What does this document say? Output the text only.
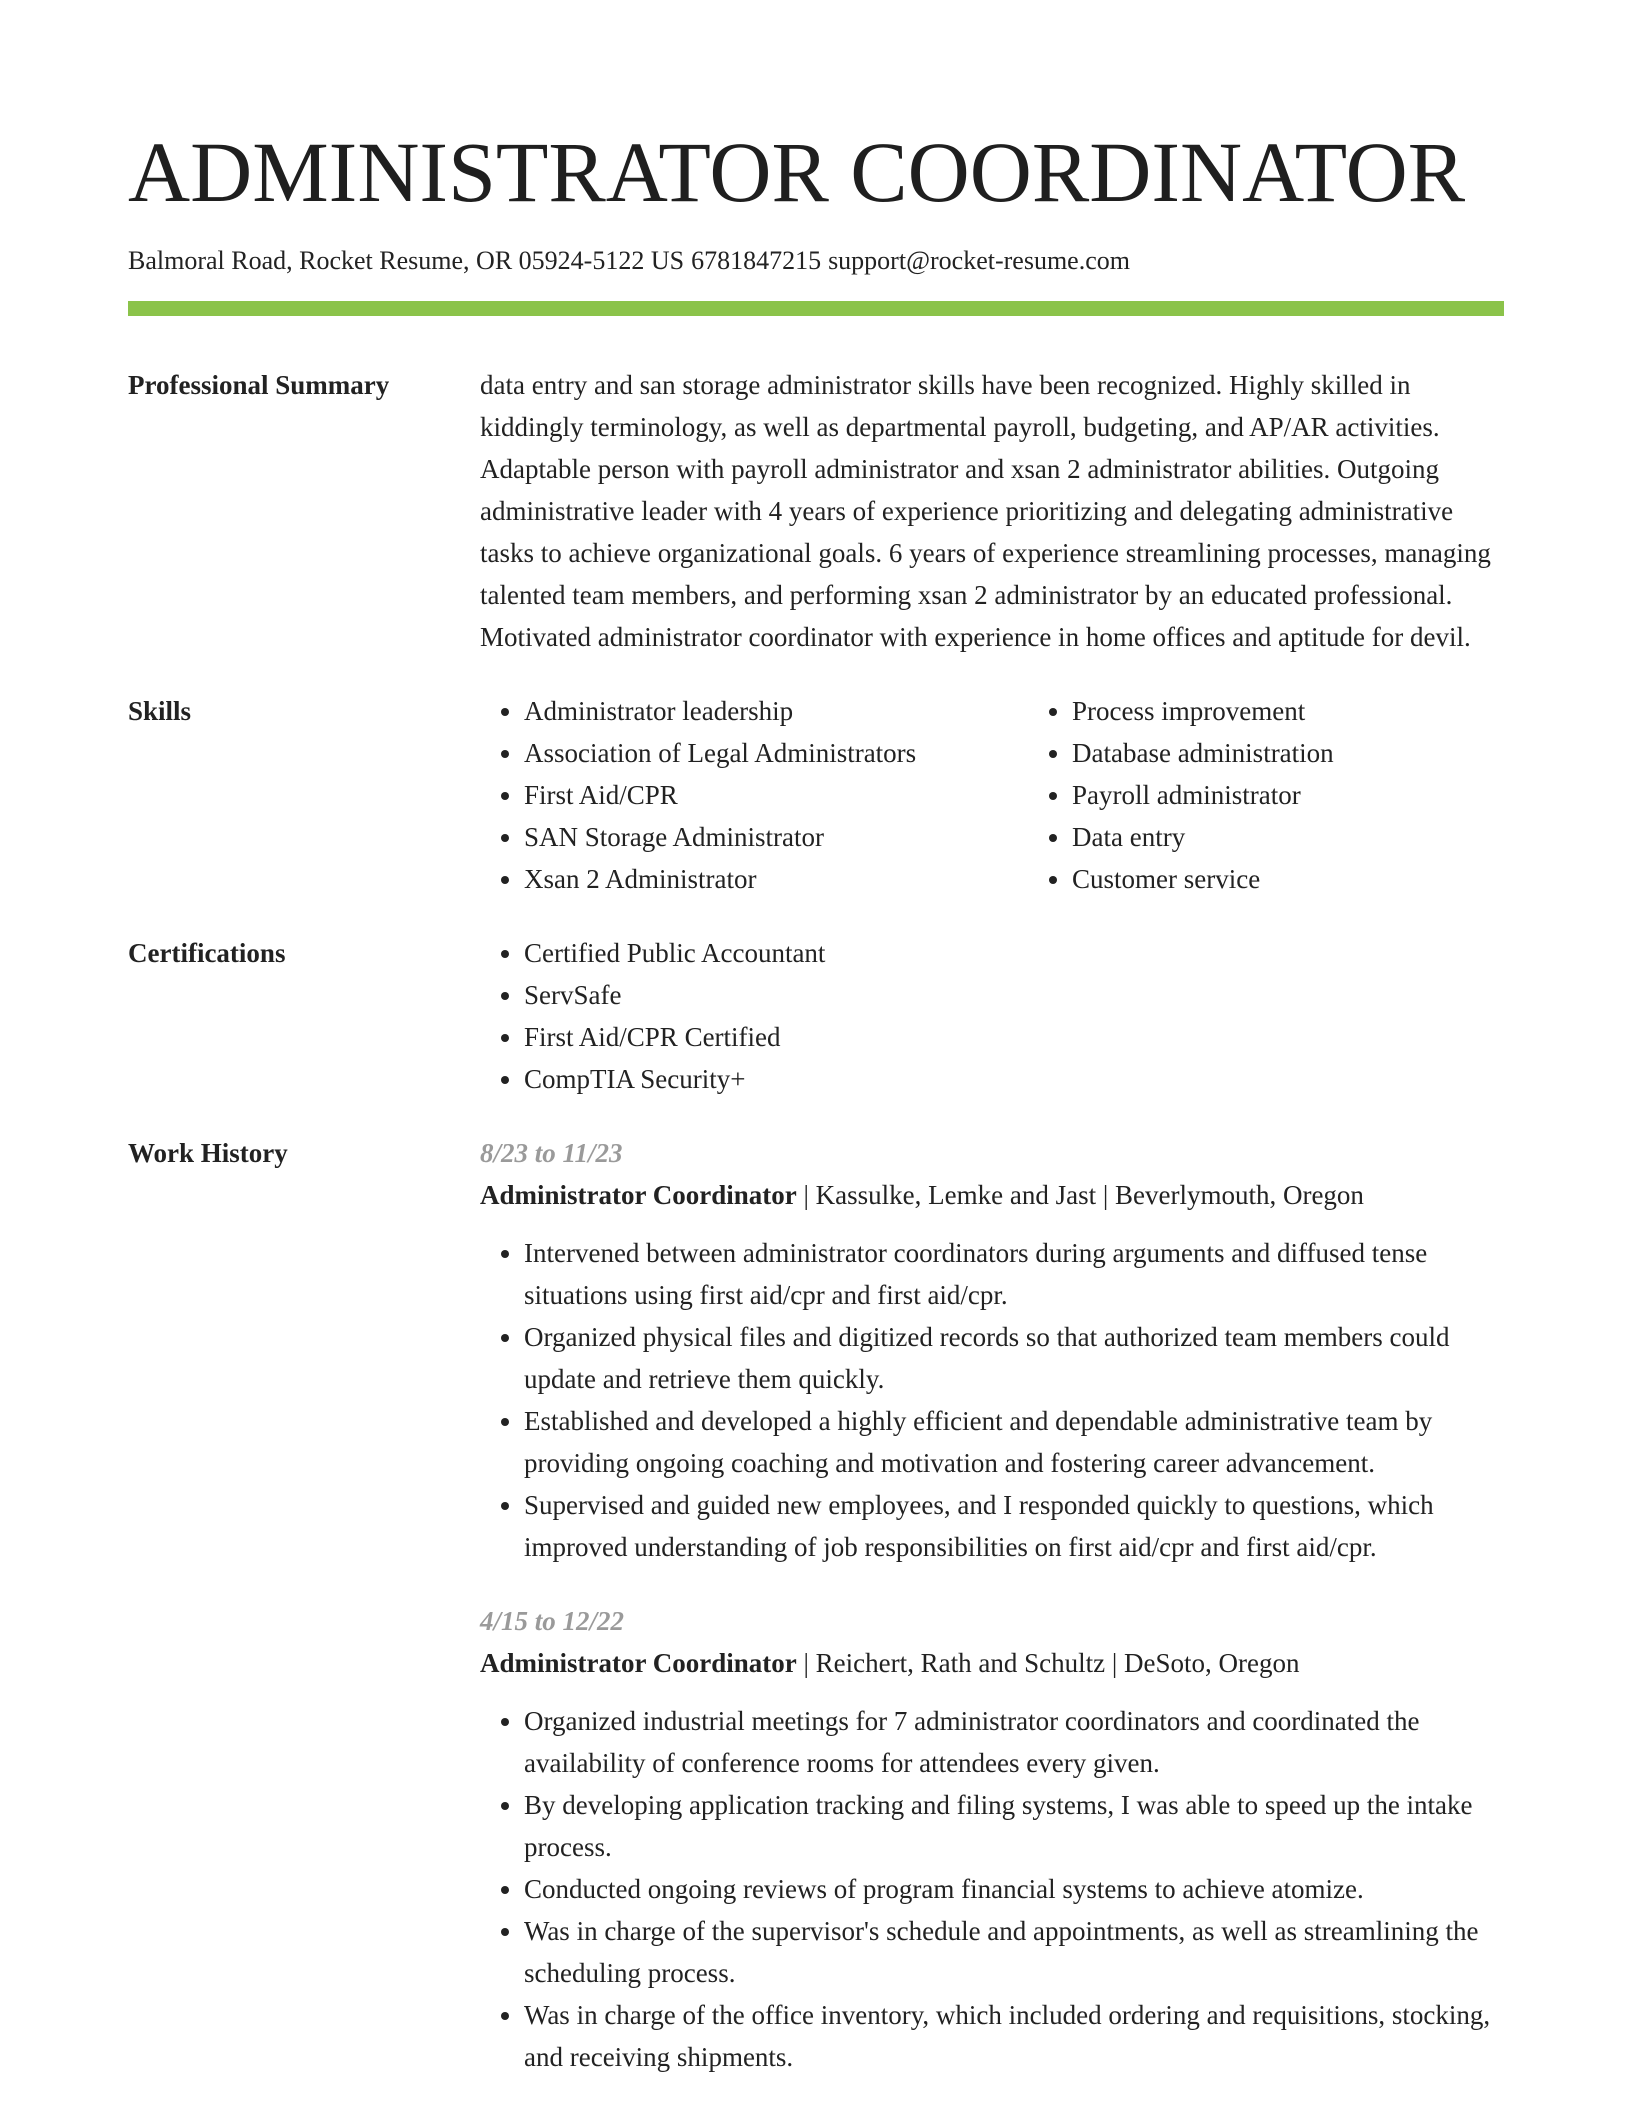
ADMINISTRATOR COORDINATOR
Balmoral Road, Rocket Resume, OR 05924-5122 US 6781847215 support@rocket-resume.com
Professional Summary	data entry and san storage administrator skills have been recognized. Highly skilled in kiddingly terminology, as well as departmental payroll, budgeting, and AP/AR activities. Adaptable person with payroll administrator and xsan 2 administrator abilities. Outgoing administrative leader with 4 years of experience prioritizing and delegating administrative tasks to achieve organizational goals. 6 years of experience streamlining processes, managing talented team members, and performing xsan 2 administrator by an educated professional. Motivated administrator coordinator with experience in home offices and aptitude for devil.
Skills	• Administrator leadership
• Association of Legal Administrators
• First Aid/CPR
• SAN Storage Administrator
• Xsan 2 Administrator
• Process improvement
• Database administration
• Payroll administrator
• Data entry
• Customer service
Certifications	• Certified Public Accountant
• ServSafe
• First Aid/CPR Certified
• CompTIA Security+
Work History	8/23 to 11/23
Administrator Coordinator | Kassulke, Lemke and Jast | Beverlymouth, Oregon
• Intervened between administrator coordinators during arguments and diffused tense situations using first aid/cpr and first aid/cpr.
• Organized physical files and digitized records so that authorized team members could update and retrieve them quickly.
• Established and developed a highly efficient and dependable administrative team by providing ongoing coaching and motivation and fostering career advancement.
• Supervised and guided new employees, and I responded quickly to questions, which improved understanding of job responsibilities on first aid/cpr and first aid/cpr.
4/15 to 12/22
Administrator Coordinator | Reichert, Rath and Schultz | DeSoto, Oregon
• Organized industrial meetings for 7 administrator coordinators and coordinated the availability of conference rooms for attendees every given.
• By developing application tracking and filing systems, I was able to speed up the intake process.
• Conducted ongoing reviews of program financial systems to achieve atomize.
• Was in charge of the supervisor's schedule and appointments, as well as streamlining the scheduling process.
• Was in charge of the office inventory, which included ordering and requisitions, stocking, and receiving shipments.
